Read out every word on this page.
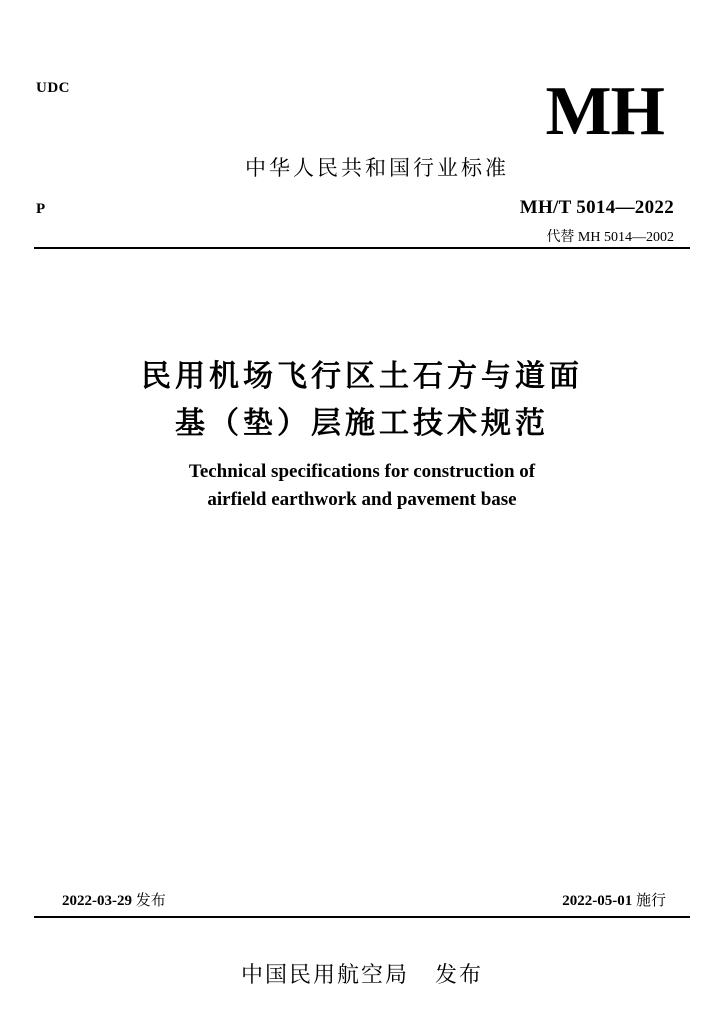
UDC	MH
中华人民共和国行业标准
P	MH/T 5014—2022
代替 MH 5014—2002
民用机场飞行区土石方与道面
基（垫）层施工技术规范
Technical specifications for construction of
airfield earthwork and pavement base
2022-03-29 发布	2022-05-01 施行
中国民用航空局 发布
